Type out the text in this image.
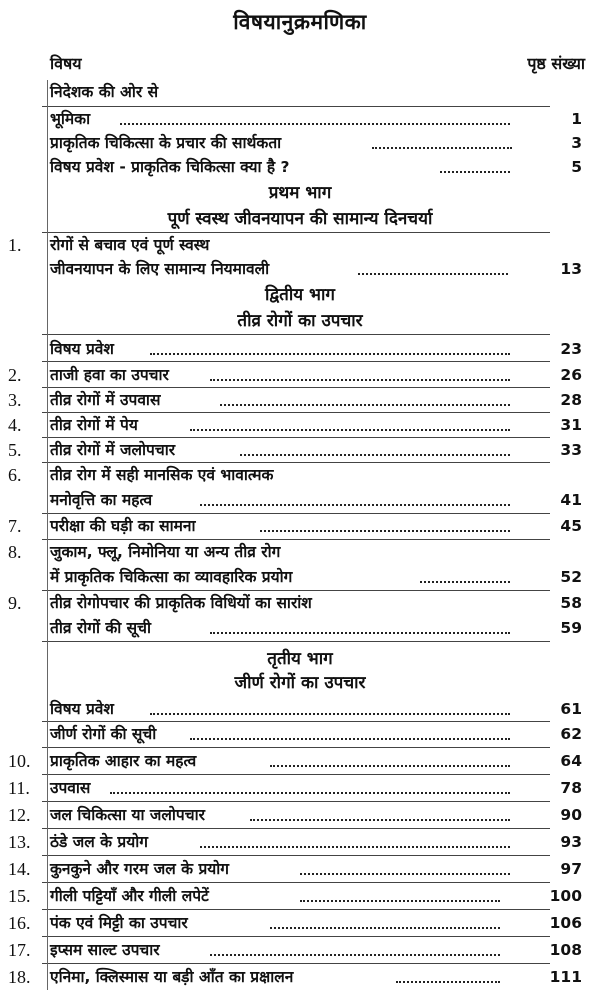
विषयानुक्रमणिका
विषय	पृष्ठ संख्या
निदेशक की ओर से
भूमिका	1
प्राकृतिक चिकित्सा के प्रचार की सार्थकता	3
विषय प्रवेश - प्राकृतिक चिकित्सा क्या है ?	5
प्रथम भाग
पूर्ण स्वस्थ जीवनयापन की सामान्य दिनचर्या
1.	रोगों से बचाव एवं पूर्ण स्वस्थ
जीवनयापन के लिए सामान्य नियमावली	13
द्वितीय भाग
तीव्र रोगों का उपचार
विषय प्रवेश	23
2.	ताजी हवा का उपचार	26
3.	तीव्र रोगों में उपवास	28
4.	तीव्र रोगों में पेय	31
5.	तीव्र रोगों में जलोपचार	33
6.	तीव्र रोग में सही मानसिक एवं भावात्मक
मनोवृत्ति का महत्व	41
7.	परीक्षा की घड़ी का सामना	45
8.	जुकाम, फ्लू, निमोनिया या अन्य तीव्र रोग
में प्राकृतिक चिकित्सा का व्यावहारिक प्रयोग	52
9.	तीव्र रोगोपचार की प्राकृतिक विधियों का सारांश	58
तीव्र रोगों की सूची	59
तृतीय भाग
जीर्ण रोगों का उपचार
विषय प्रवेश	61
जीर्ण रोगों की सूची	62
10.	प्राकृतिक आहार का महत्व	64
11.	उपवास	78
12.	जल चिकित्सा या जलोपचार	90
13.	ठंडे जल के प्रयोग	93
14.	कुनकुने और गरम जल के प्रयोग	97
15.	गीली पट्टियाँ और गीली लपेटें	100
16.	पंक एवं मिट्टी का उपचार	106
17.	इप्सम साल्ट उपचार	108
18.	एनिमा, क्लिस्मास या बड़ी आँत का प्रक्षालन	111
